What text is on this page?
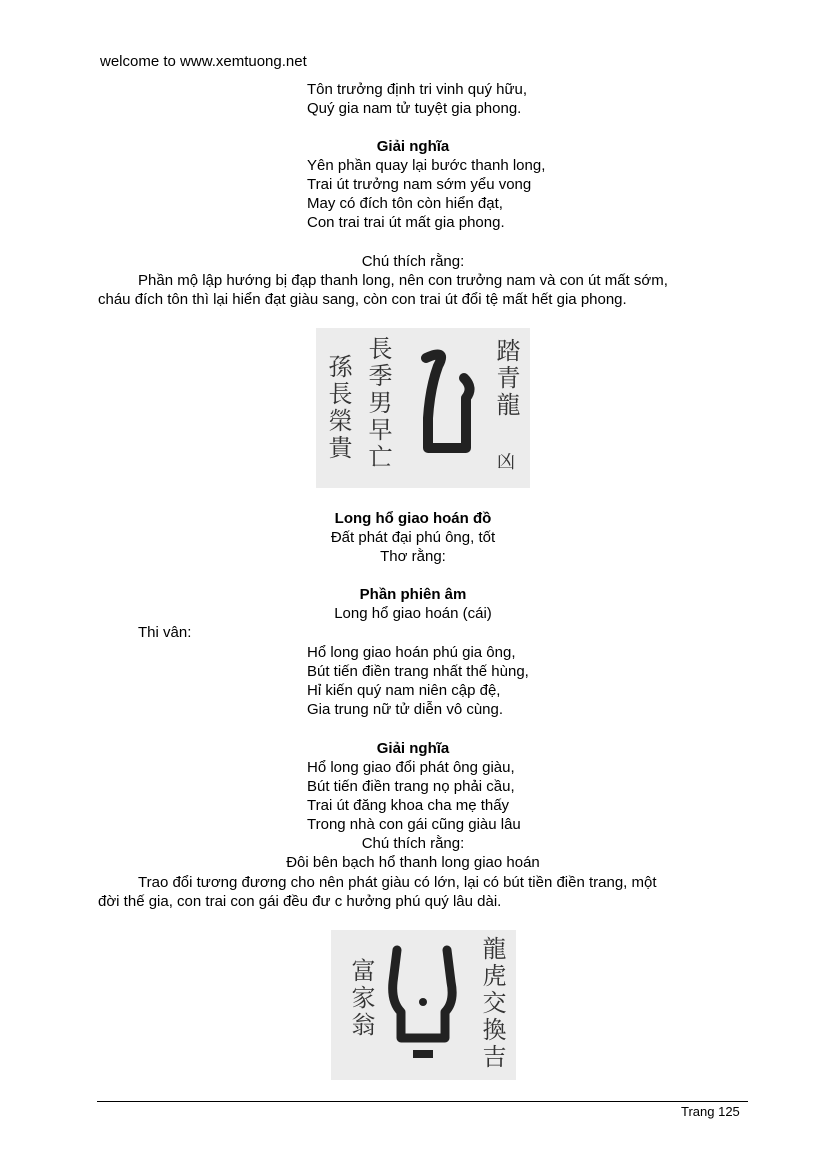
welcome to www.xemtuong.net
Tôn trưởng định tri vinh quý hữu,
Quý gia nam tử tuyệt gia phong.
Giải nghĩa
Yên phần quay lại bước thanh long,
Trai út trưởng nam sớm yểu vong
May có đích tôn còn hiển đạt,
Con trai trai út mất gia phong.
Chú thích rằng:
Phần mộ lập hướng bị đạp thanh long, nên con trưởng nam và con út mất sớm,
cháu đích tôn thì lại hiển đạt giàu sang, còn con trai út đổi tệ mất hết gia phong.
踏青龍
長季男早亡
孫長榮貴
凶
Long hổ giao hoán đồ
Đất phát đại phú ông, tốt
Thơ rằng:
Phần phiên âm
Long hổ giao hoán (cái)
Thi vân:
Hổ long giao hoán phú gia ông,
Bút tiến điền trang nhất thế hùng,
Hỉ kiến quý nam niên cập đệ,
Gia trung nữ tử diễn vô cùng.
Giải nghĩa
Hổ long giao đổi phát ông giàu,
Bút tiến điền trang nọ phải cầu,
Trai út đăng khoa cha mẹ thấy
Trong nhà con gái cũng giàu lâu
Chú thích rằng:
Đôi bên bạch hổ thanh long giao hoán
Trao đổi tương đương cho nên phát giàu có lớn, lại có bút tiền điền trang, một
đời thế gia, con trai con gái đều đư c hưởng phú quý lâu dài.
龍虎交換吉
富家翁
Trang 125
